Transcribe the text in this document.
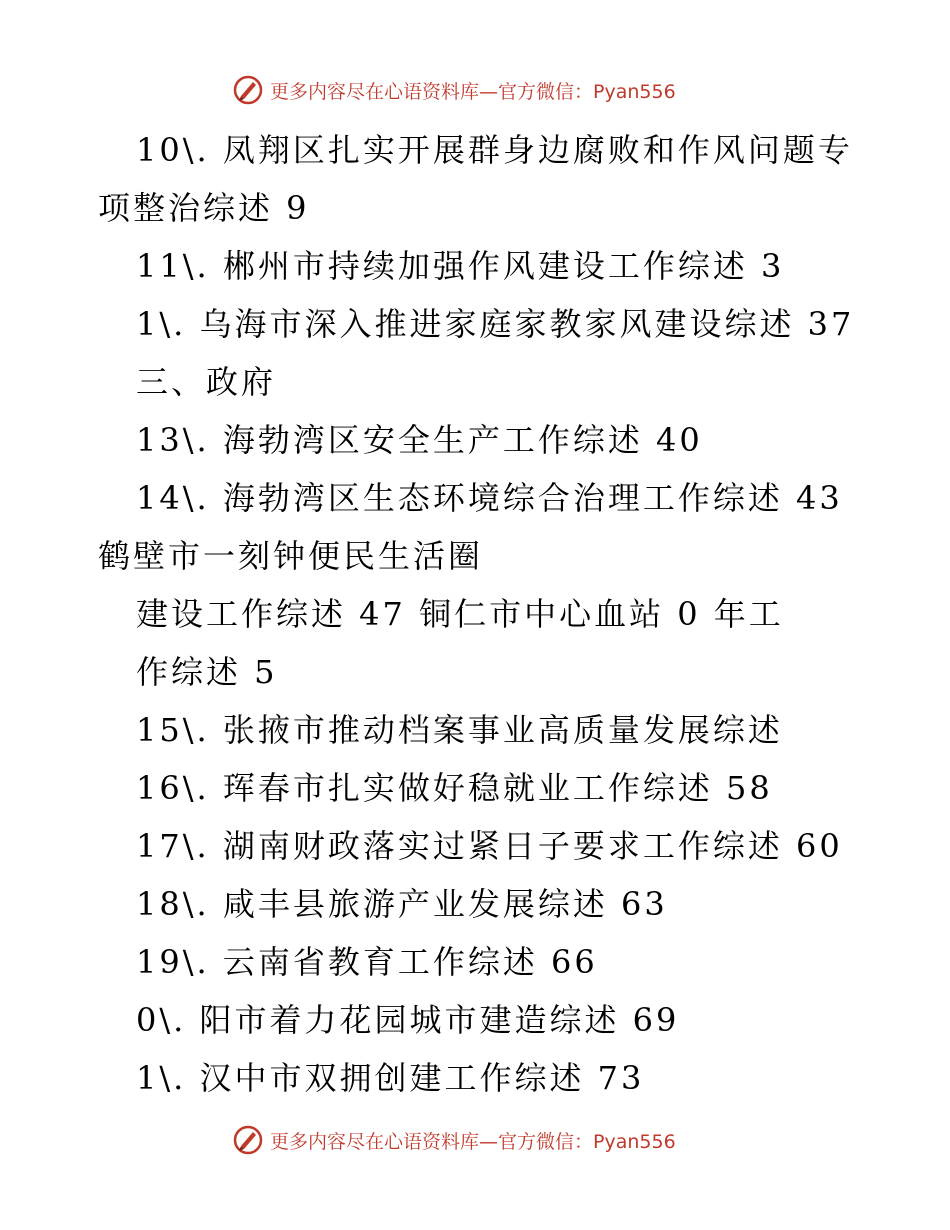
更多内容尽在心语资料库—官方微信：Pyan556
10\. 凤翔区扎实开展群身边腐败和作风问题专
项整治综述 9
11\. 郴州市持续加强作风建设工作综述 3
1\. 乌海市深入推进家庭家教家风建设综述 37
三、政府
13\. 海勃湾区安全生产工作综述 40
14\. 海勃湾区生态环境综合治理工作综述 43
鹤壁市一刻钟便民生活圈
建设工作综述 47 铜仁市中心血站 0 年工
作综述 5
15\. 张掖市推动档案事业高质量发展综述
16\. 珲春市扎实做好稳就业工作综述 58
17\. 湖南财政落实过紧日子要求工作综述 60
18\. 咸丰县旅游产业发展综述 63
19\. 云南省教育工作综述 66
0\. 阳市着力花园城市建造综述 69
1\. 汉中市双拥创建工作综述 73
更多内容尽在心语资料库—官方微信：Pyan556
